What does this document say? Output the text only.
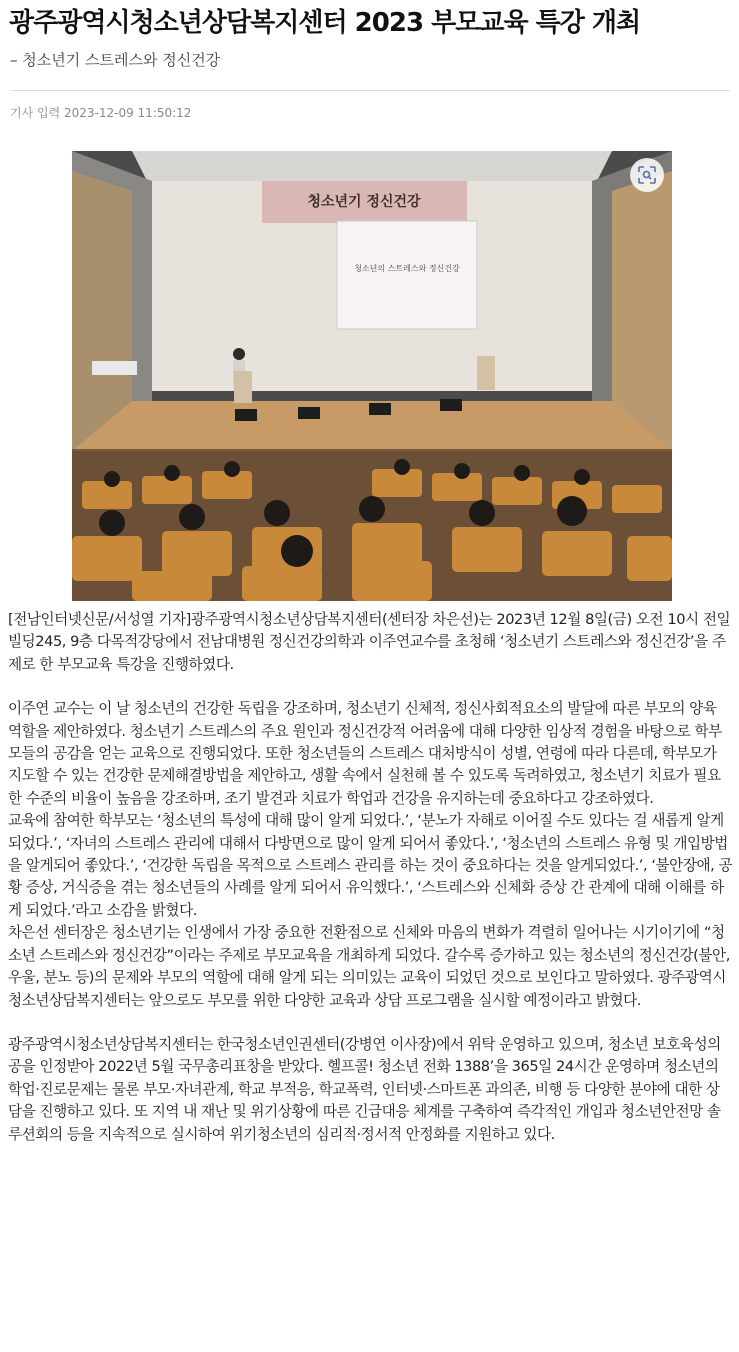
광주광역시청소년상담복지센터 2023 부모교육 특강 개최
– 청소년기 스트레스와 정신건강
기사 입력 2023-12-09 11:50:12
청소년기 정신건강
청소년의 스트레스와 정신건강

[전남인터넷신문/서성열 기자]광주광역시청소년상담복지센터(센터장 차은선)는 2023년 12월 8일(금) 오전 10시 전일빌딩245, 9층 다목적강당에서 전남대병원 정신건강의학과 이주연교수를 초청해 ‘청소년기 스트레스와 정신건강’을 주제로 한 부모교육 특강을 진행하였다.

이주연 교수는 이 날 청소년의 건강한 독립을 강조하며, 청소년기 신체적, 정신사회적요소의 발달에 따른 부모의 양육 역할을 제안하였다. 청소년기 스트레스의 주요 원인과 정신건강적 어려움에 대해 다양한 임상적 경험을 바탕으로 학부모들의 공감을 얻는 교육으로 진행되었다. 또한 청소년들의 스트레스 대처방식이 성별, 연령에 따라 다른데, 학부모가 지도할 수 있는 건강한 문제해결방법을 제안하고, 생활 속에서 실천해 볼 수 있도록 독려하였고, 청소년기 치료가 필요한 수준의 비율이 높음을 강조하며, 조기 발견과 치료가 학업과 건강을 유지하는데 중요하다고 강조하였다.

교육에 참여한 학부모는 ‘청소년의 특성에 대해 많이 알게 되었다.’, ‘분노가 자해로 이어질 수도 있다는 걸 새롭게 알게 되었다.’, ‘자녀의 스트레스 관리에 대해서 다방면으로 많이 알게 되어서 좋았다.’, ‘청소년의 스트레스 유형 및 개입방법을 알게되어 좋았다.’, ‘건강한 독립을 목적으로 스트레스 관리를 하는 것이 중요하다는 것을 알게되었다.’, ‘불안장애, 공황 증상, 거식증을 겪는 청소년들의 사례를 알게 되어서 유익했다.’, ‘스트레스와 신체화 증상 간 관계에 대해 이해를 하게 되었다.’라고 소감을 밝혔다.

차은선 센터장은 청소년기는 인생에서 가장 중요한 전환점으로 신체와 마음의 변화가 격렬히 일어나는 시기이기에 “청소년 스트레스와 정신건강”이라는 주제로 부모교육을 개최하게 되었다. 갈수록 증가하고 있는 청소년의 정신건강(불안, 우울, 분노 등)의 문제와 부모의 역할에 대해 알게 되는 의미있는 교육이 되었던 것으로 보인다고 말하였다. 광주광역시청소년상담복지센터는 앞으로도 부모를 위한 다양한 교육과 상담 프로그램을 실시할 예정이라고 밝혔다.

광주광역시청소년상담복지센터는 한국청소년인권센터(강병연 이사장)에서 위탁 운영하고 있으며, 청소년 보호육성의 공을 인정받아 2022년 5월 국무총리표창을 받았다. 헬프콜! 청소년 전화 1388’을 365일 24시간 운영하며 청소년의 학업·진로문제는 물론 부모·자녀관계, 학교 부적응, 학교폭력, 인터넷·스마트폰 과의존, 비행 등 다양한 분야에 대한 상담을 진행하고 있다. 또 지역 내 재난 및 위기상황에 따른 긴급대응 체계를 구축하여 즉각적인 개입과 청소년안전망 솔루션회의 등을 지속적으로 실시하여 위기청소년의 심리적·정서적 안정화를 지원하고 있다.
